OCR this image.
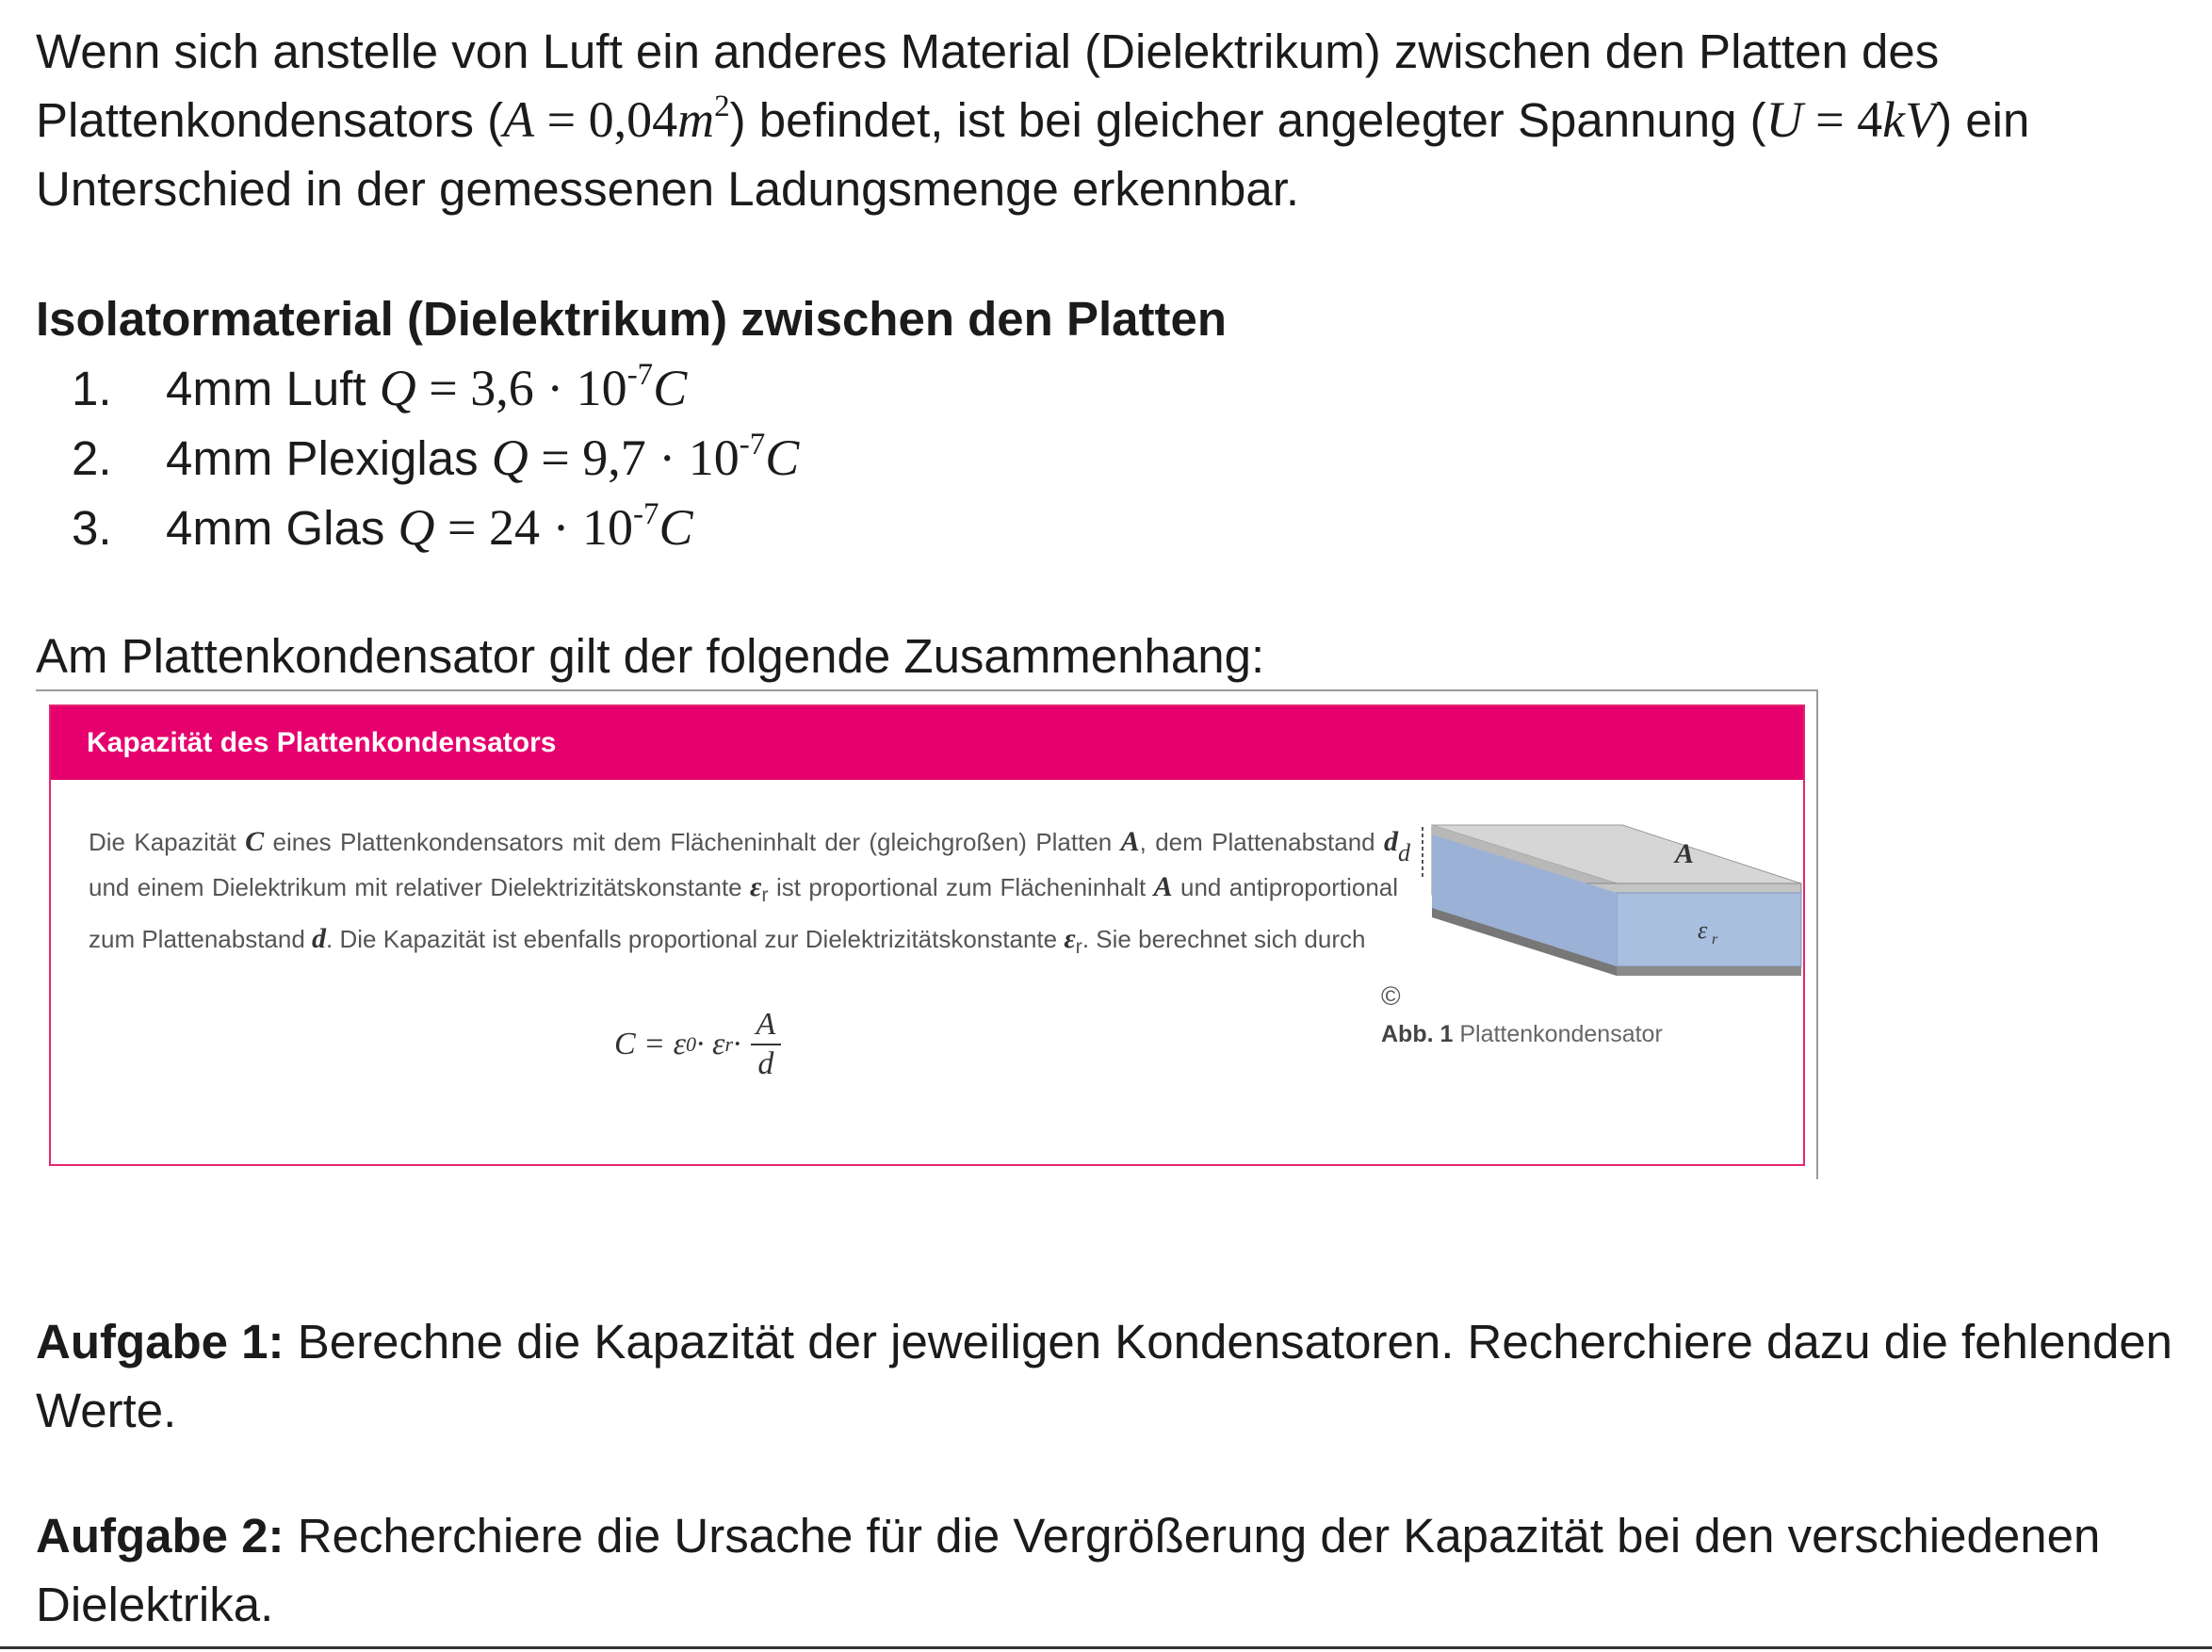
Wenn sich anstelle von Luft ein anderes Material (Dielektrikum) zwischen den Platten des Plattenkondensators $(A = 0,04m^2)$ befindet, ist bei gleicher angelegter Spannung (U = 4kV) ein Unterschied in der gemessenen Ladungsmenge erkennbar.

Isolatormaterial (Dielektrikum) zwischen den Platten

1. 4mm Luft $Q = 3,6 \cdot 10^{-7}C$
2. 4mm Plexiglas $Q = 9,7 \cdot 10^{-7}C$
3. 4mm Glas $Q = 24 \cdot 10^{-7}C$

Am Plattenkondensator gilt der folgende Zusammenhang:

Kapazität des Plattenkondensators
Die Kapazität C eines Plattenkondensators mit dem Flächeninhalt der (gleichgroßen) Platten A, dem Plattenabstand d und einem Dielektrikum mit relativer Dielektrizitätskonstante $\varepsilon_r$ ist proportional zum Flächeninhalt A und antiproportional zum Plattenabstand d. Die Kapazität ist ebenfalls proportional zur Dielektrizitätskonstante $\varepsilon_r$. Sie berechnet sich durch
C = ε 0 · ε $r \cdot \frac{A}{d}$
A
d
ε r
©
Abb. 1 Plattenkondensator

Aufgabe 1: Berechne die Kapazität der jeweiligen Kondensatoren. Recherchiere dazu die fehlenden Werte.

Aufgabe 2: Recherchiere die Ursache für die Vergrößerung der Kapazität bei den verschiedenen Dielektrika.
